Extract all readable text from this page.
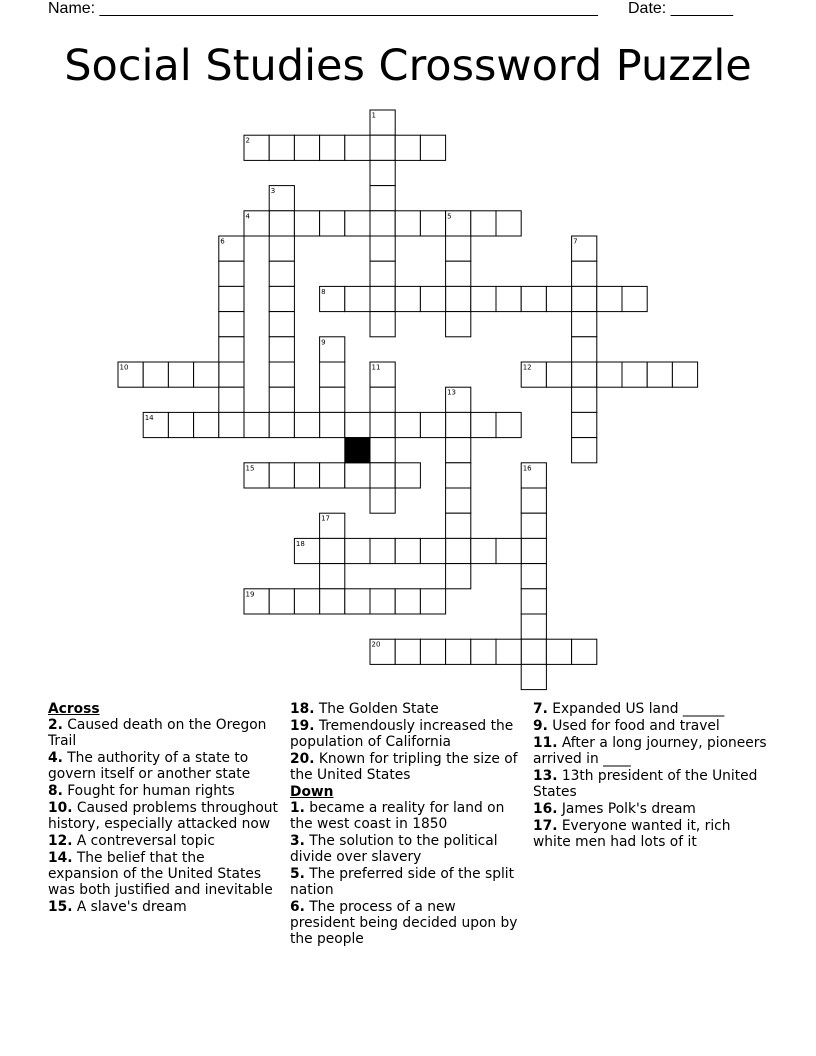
Name: ________________________________________________________ Date: _______
Social Studies Crossword Puzzle
1
2
3
4	5
6	7
8
9
10	11	12
13
14
15	16
17
18
19
20
Across
2. Caused death on the Oregon Trail
4. The authority of a state to govern itself or another state
8. Fought for human rights
10. Caused problems throughout history, especially attacked now
12. A contreversal topic
14. The belief that the expansion of the United States was both justified and inevitable
15. A slave's dream
18. The Golden State
19. Tremendously increased the population of California
20. Known for tripling the size of the United States
Down
1. became a reality for land on the west coast in 1850
3. The solution to the political divide over slavery
5. The preferred side of the split nation
6. The process of a new president being decided upon by the people
7. Expanded US land ______
9. Used for food and travel
11. After a long journey, pioneers arrived in ____
13. 13th president of the United States
16. James Polk's dream
17. Everyone wanted it, rich white men had lots of it
